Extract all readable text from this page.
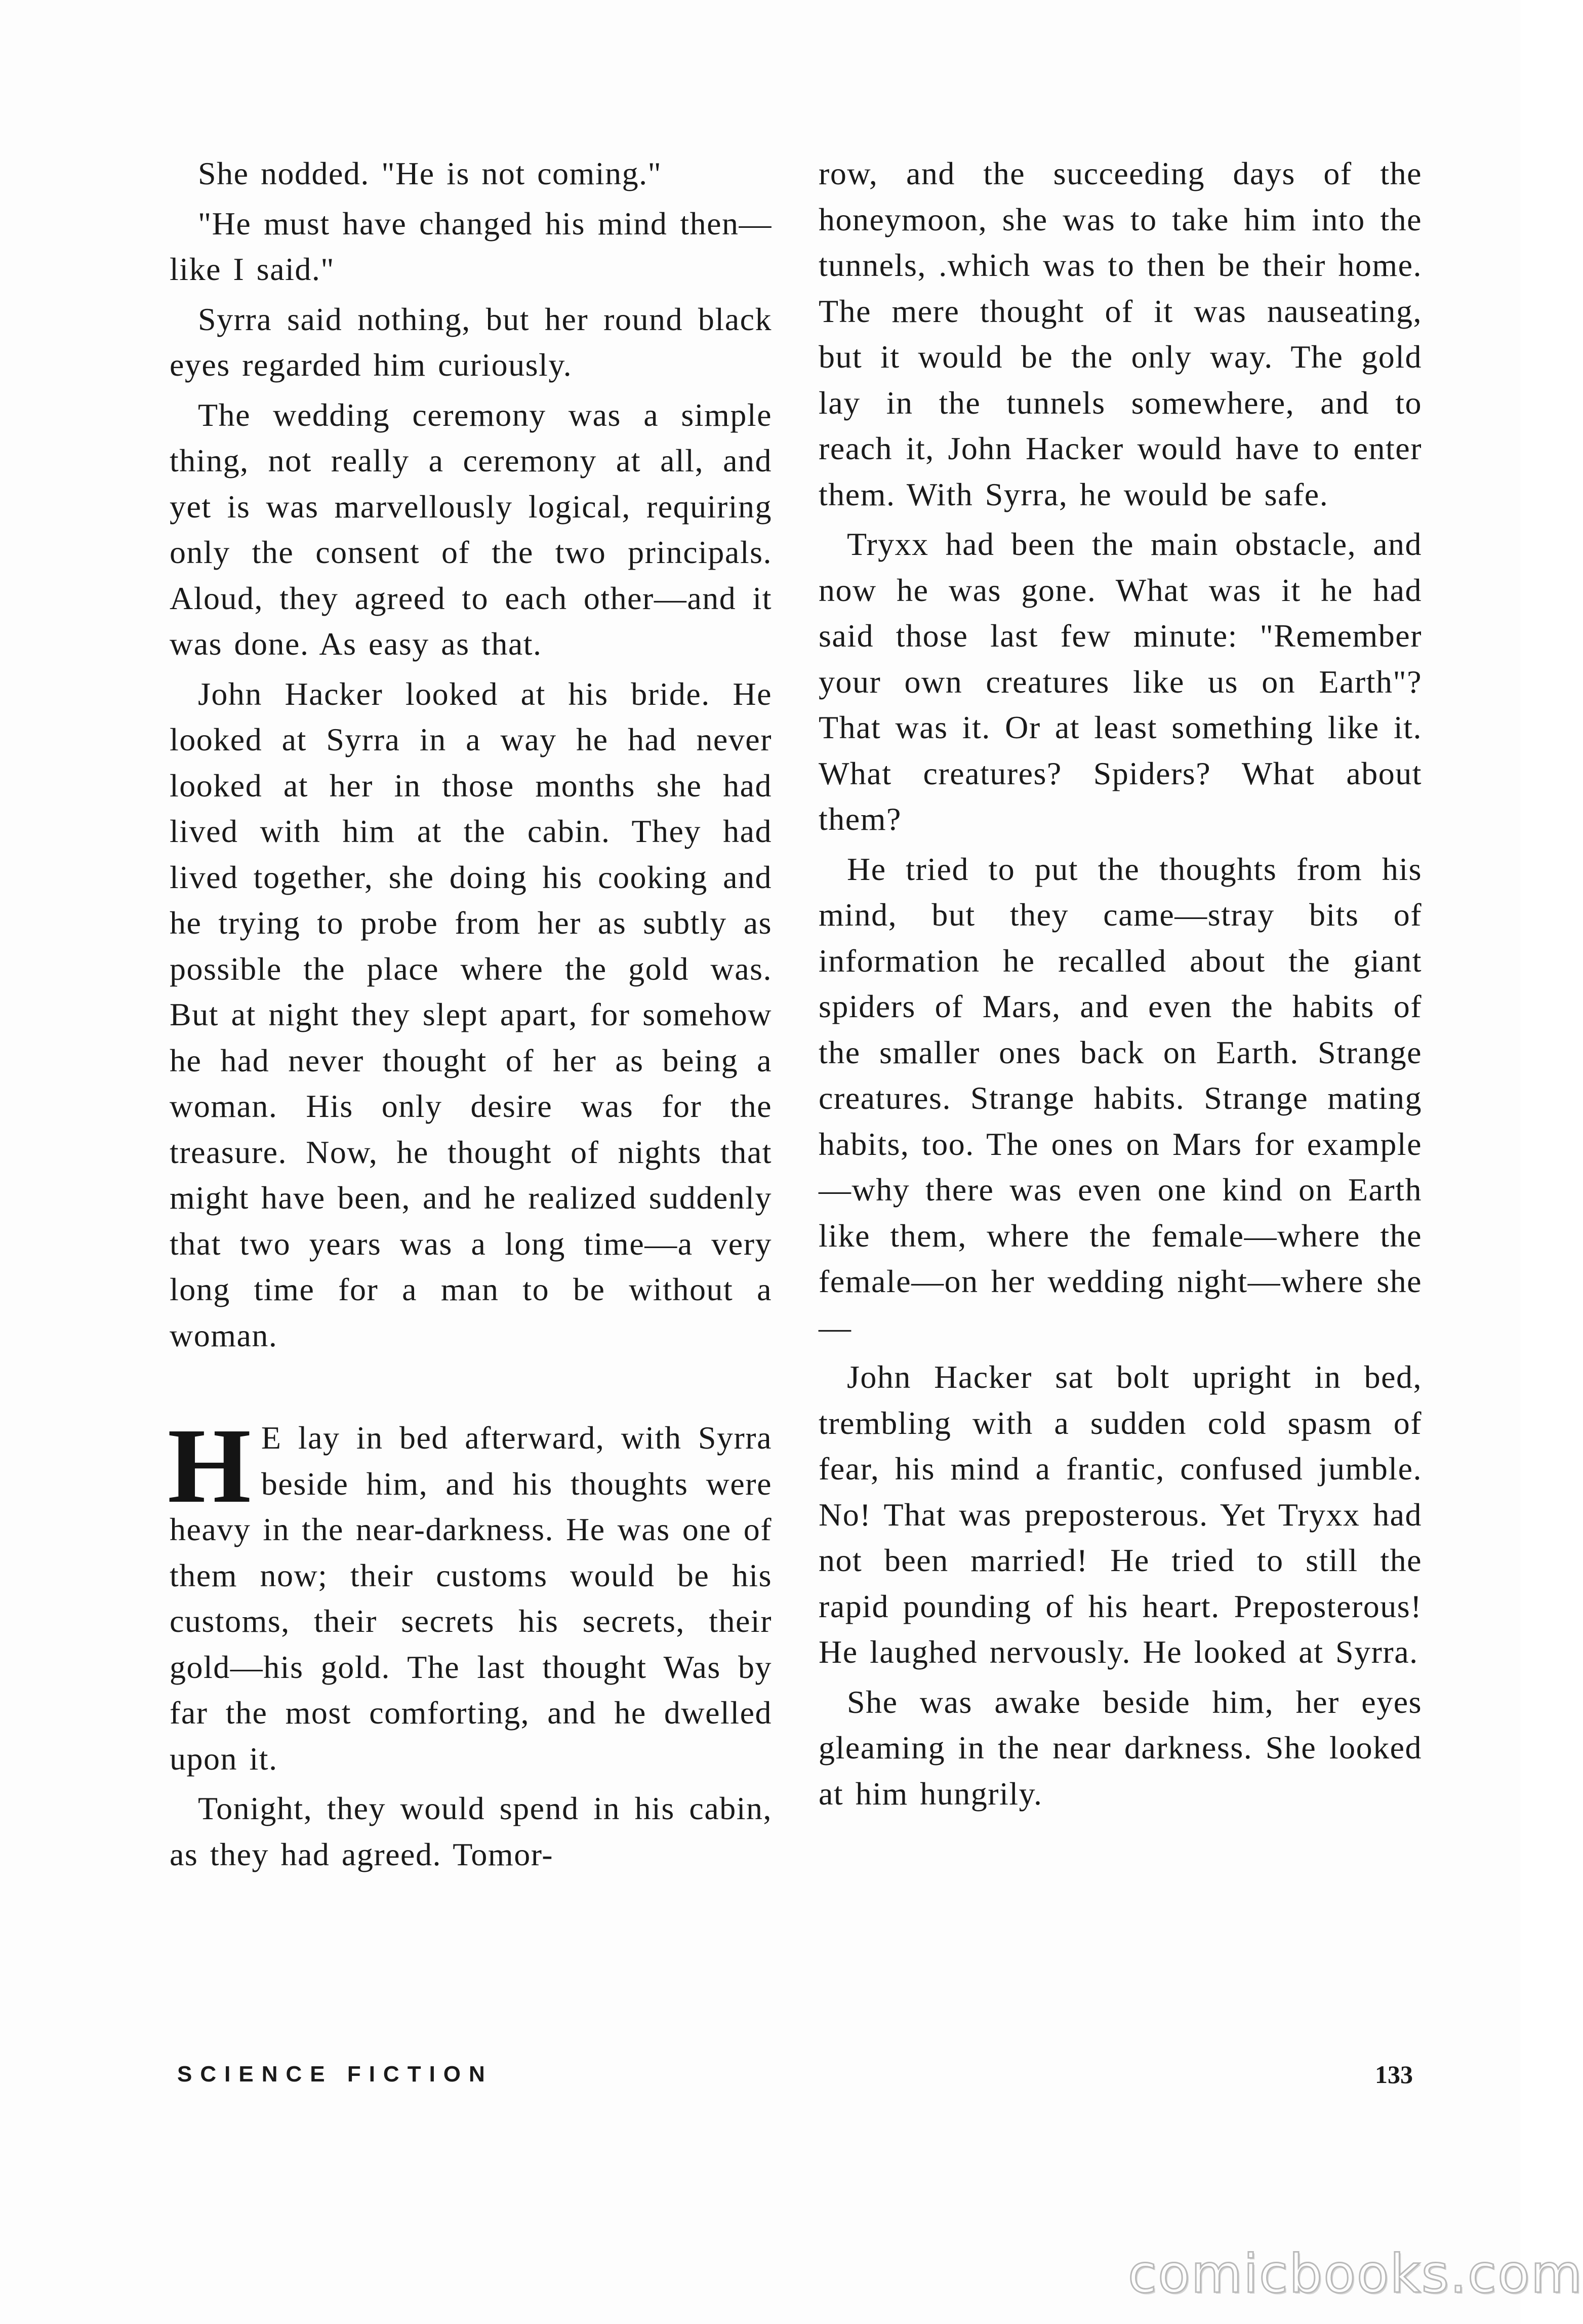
She nodded. "He is not coming."

"He must have changed his mind then—like I said."

Syrra said nothing, but her round black eyes regarded him curiously.

The wedding ceremony was a simple thing, not really a ceremony at all, and yet is was marvellously logical, requiring only the consent of the two principals. Aloud, they agreed to each other—and it was done. As easy as that.

John Hacker looked at his bride. He looked at Syrra in a way he had never looked at her in those months she had lived with him at the cabin. They had lived together, she doing his cooking and he trying to probe from her as subtly as possible the place where the gold was. But at night they slept apart, for somehow he had never thought of her as being a woman. His only desire was for the treasure. Now, he thought of nights that might have been, and he realized suddenly that two years was a long time—a very long time for a man to be without a woman.

H E lay in bed afterward, with Syrra beside him, and his thoughts were heavy in the near-darkness. He was one of them now; their customs would be his customs, their secrets his secrets, their gold—his gold. The last thought Was by far the most comforting, and he dwelled upon it.

Tonight, they would spend in his cabin, as they had agreed. Tomor-

row, and the succeeding days of the honeymoon, she was to take him into the tunnels, .which was to then be their home. The mere thought of it was nauseating, but it would be the only way. The gold lay in the tunnels somewhere, and to reach it, John Hacker would have to enter them. With Syrra, he would be safe.

Tryxx had been the main obstacle, and now he was gone. What was it he had said those last few minute: "Remember your own creatures like us on Earth"? That was it. Or at least something like it. What creatures? Spiders? What about them?

He tried to put the thoughts from his mind, but they came—stray bits of information he recalled about the giant spiders of Mars, and even the habits of the smaller ones back on Earth. Strange creatures. Strange habits. Strange mating habits, too. The ones on Mars for example—why there was even one kind on Earth like them, where the female—where the female—on her wedding night—where she—

John Hacker sat bolt upright in bed, trembling with a sudden cold spasm of fear, his mind a frantic, confused jumble. No! That was preposterous. Yet Tryxx had not been married! He tried to still the rapid pounding of his heart. Preposterous! He laughed nervously. He looked at Syrra.

She was awake beside him, her eyes gleaming in the near darkness. She looked at him hungrily.

SCIENCE FICTION	133
comicbooks.com
